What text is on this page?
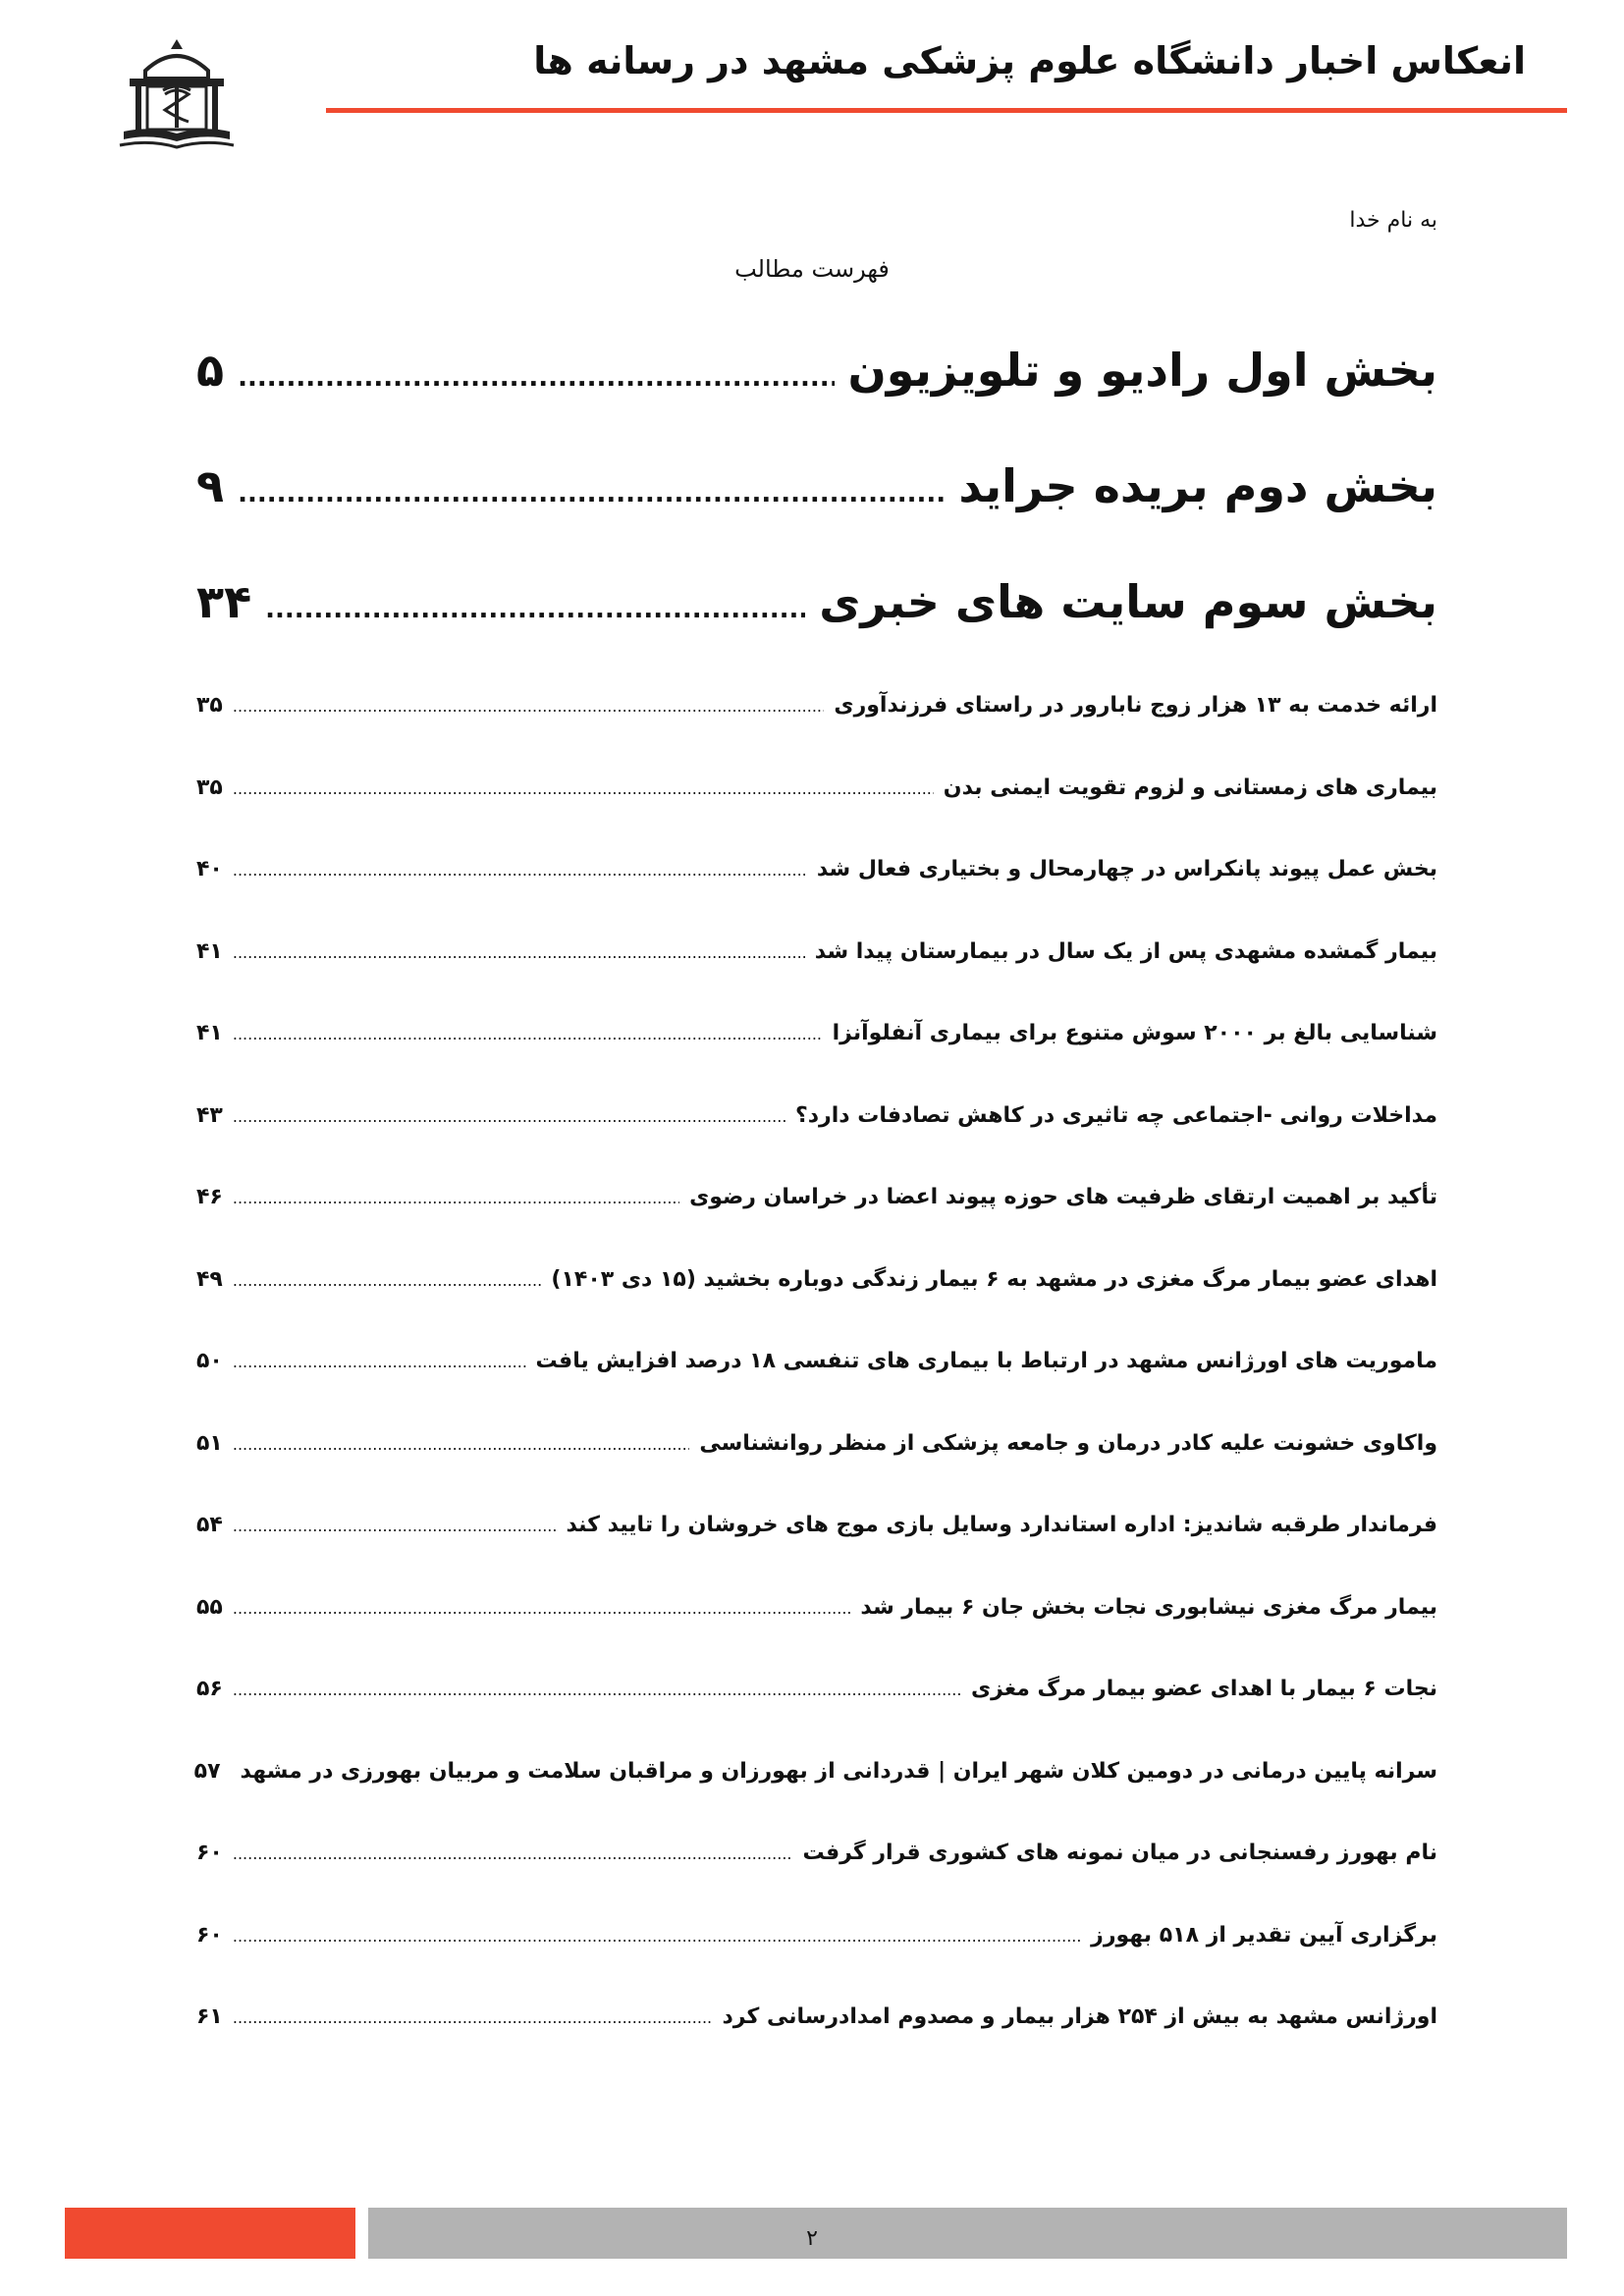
انعکاس اخبار دانشگاه علوم پزشکی مشهد در رسانه ها
به نام خدا
فهرست مطالب
بخش اول رادیو و تلویزیون
.....
۵
بخش دوم بریده جراید
.....
۹
بخش سوم سایت های خبری
.....
۳۴
ارائه خدمت به ۱۳ هزار زوج نابارور در راستای فرزندآوری
.....
۳۵
بیماری های زمستانی و لزوم تقویت ایمنی بدن
.....
۳۵
بخش عمل پیوند پانکراس در چهارمحال و بختیاری فعال شد
.....
۴۰
بیمار گمشده مشهدی پس از یک سال در بیمارستان پیدا شد
.....
۴۱
شناسایی بالغ بر ۲۰۰۰ سوش متنوع برای بیماری آنفلوآنزا
.....
۴۱
مداخلات روانی -اجتماعی چه تاثیری در کاهش تصادفات دارد؟
.....
۴۳
تأکید بر اهمیت ارتقای ظرفیت های حوزه پیوند اعضا در خراسان رضوی
.....
۴۶
اهدای عضو بیمار مرگ مغزی در مشهد به ۶ بیمار زندگی دوباره بخشید (۱۵ دی ۱۴۰۳)
.....
۴۹
ماموریت های اورژانس مشهد در ارتباط با بیماری های تنفسی ۱۸ درصد افزایش یافت
.....
۵۰
واکاوی خشونت علیه کادر درمان و جامعه پزشکی از منظر روانشناسی
.....
۵۱
فرماندار طرقبه شاندیز: اداره استاندارد وسایل بازی موج های خروشان را تایید کند
.....
۵۴
بیمار مرگ مغزی نیشابوری نجات بخش جان ۶ بیمار شد
.....
۵۵
نجات ۶ بیمار با اهدای عضو بیمار مرگ مغزی
.....
۵۶
سرانه پایین درمانی در دومین کلان شهر ایران | قدردانی از بهورزان و مراقبان سلامت و مربیان بهورزی در مشهد
۵۷
نام بهورز رفسنجانی در میان نمونه های کشوری قرار گرفت
.....
۶۰
برگزاری آیین تقدیر از ۵۱۸ بهورز
.....
۶۰
اورژانس مشهد به بیش از ۲۵۴ هزار بیمار و مصدوم امدادرسانی کرد
.....
۶۱
۲
